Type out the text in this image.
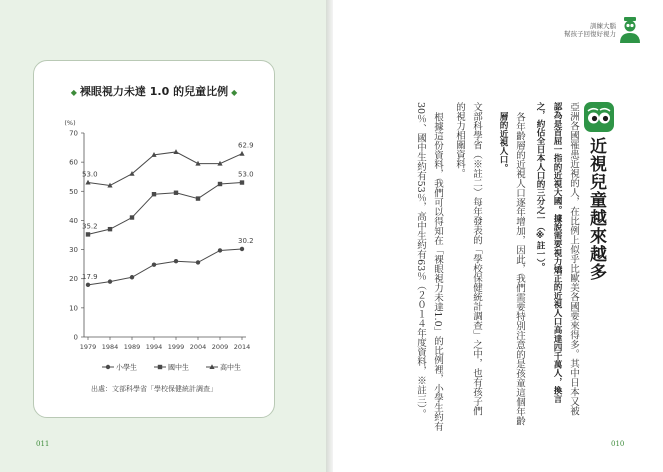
◆ 裸眼視力未達 1.0 的兒童比例 ◆
(%)
0
10
20
30
40
50
60
70
1979 1984 1989 1994 1999 2004 2009 2014
17.9
30.2
35.2
53.0
53.0
62.9
小學生	國中生	高中生
出處：文部科學省「學校保健統計調查」
011	010
訓練大腦
幫孩子回復好視力
近視兒童越來越多
亞洲各國罹患近視的人，在比例上似乎比歐美各國要來得多。其中日本又被
認為是首屈一指的近視大國。據說需要視力矯正的近視人口高達四千萬人，換言
之，約佔全日本人口的三分之一（※註一）。
各年齡層的近視人口逐年增加，因此，我們需要特別注意的是孩童這個年齡
層的近視人口。
文部科學省（※註二）每年發表的「學校保健統計調查」之中，也有孩子們
的視力相關資料。
根據這份資料，我們可以得知在「裸眼視力未達1.0」的比例裡，小學生約有
30％、國中生約有53％，高中生約有63％（２０１４年度資料，※註三）。
